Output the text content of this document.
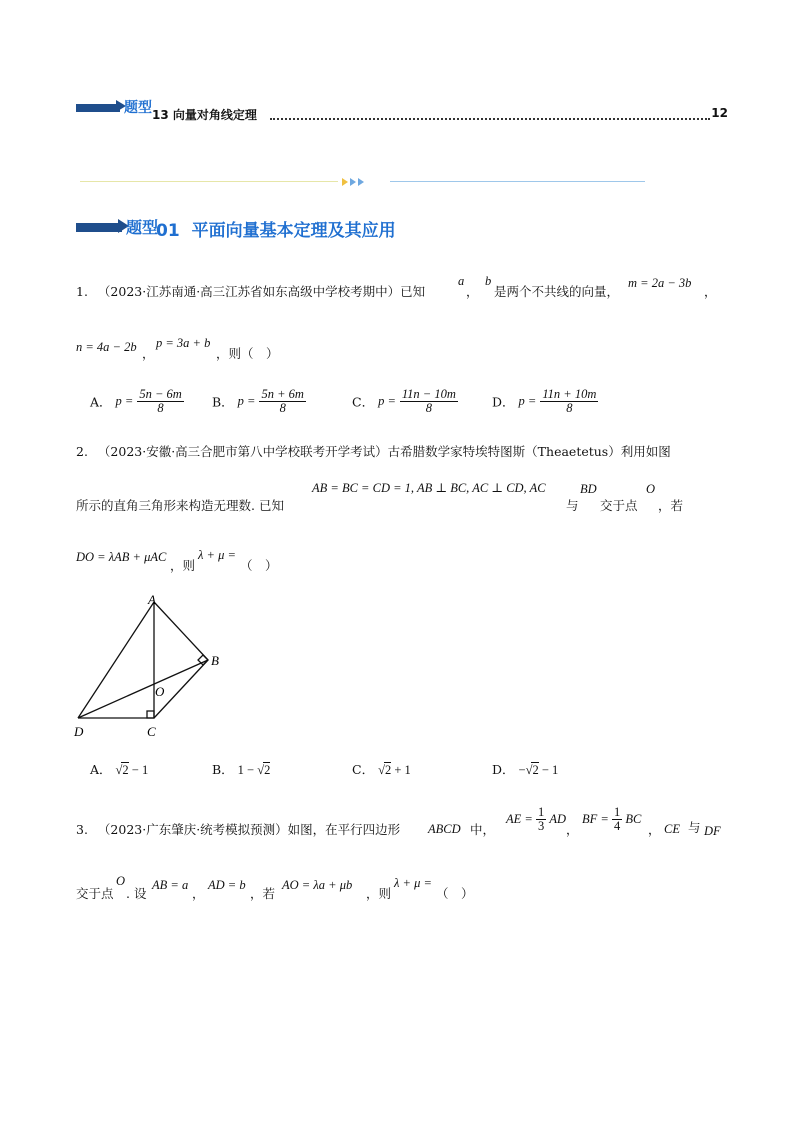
题型 13 向量对角线定理	12
题型
01 平面向量基本定理及其应用
1. （2023·江苏南通·高三江苏省如东高级中学校考期中）已知
a
，
b
是两个不共线的向量，
m = 2a − 3b
，
n = 4a − 2b ，
p = 3a + b
，则（　）
A． $p = \frac{5n - 6m}{8}$ B． $p = \frac{5n + 6m}{8}$	C． $p = \frac{11n - 10m}{8}$	D． $p = \frac{11n + 10m}{8}$
2. （2023·安徽·高三合肥市第八中学校联考开学考试）古希腊数学家特埃特图斯（Theaetetus）利用如图
所示的直角三角形来构造无理数. 已知
AB = BC = CD = 1, AB ⊥ BC, AC ⊥ CD, AC
与
BD
交于点
O
，若
DO = λAB + μAC
，则
λ + μ =
（　）
A
B
C
D
O
A． √2 − 1	B． 1 − √2	C． √2 + 1	D． −√2 − 1
3. （2023·广东肇庆·统考模拟预测）如图，在平行四边形 ABCD 中，
AE = $\frac{1}{3}$ AD
，
BF = $\frac{1}{4}$ BC
， CE 与 DF
交于点
O
. 设
AB = a
，
AD = b
，若
AO = λa + μb
，则
λ + μ =
（　）
